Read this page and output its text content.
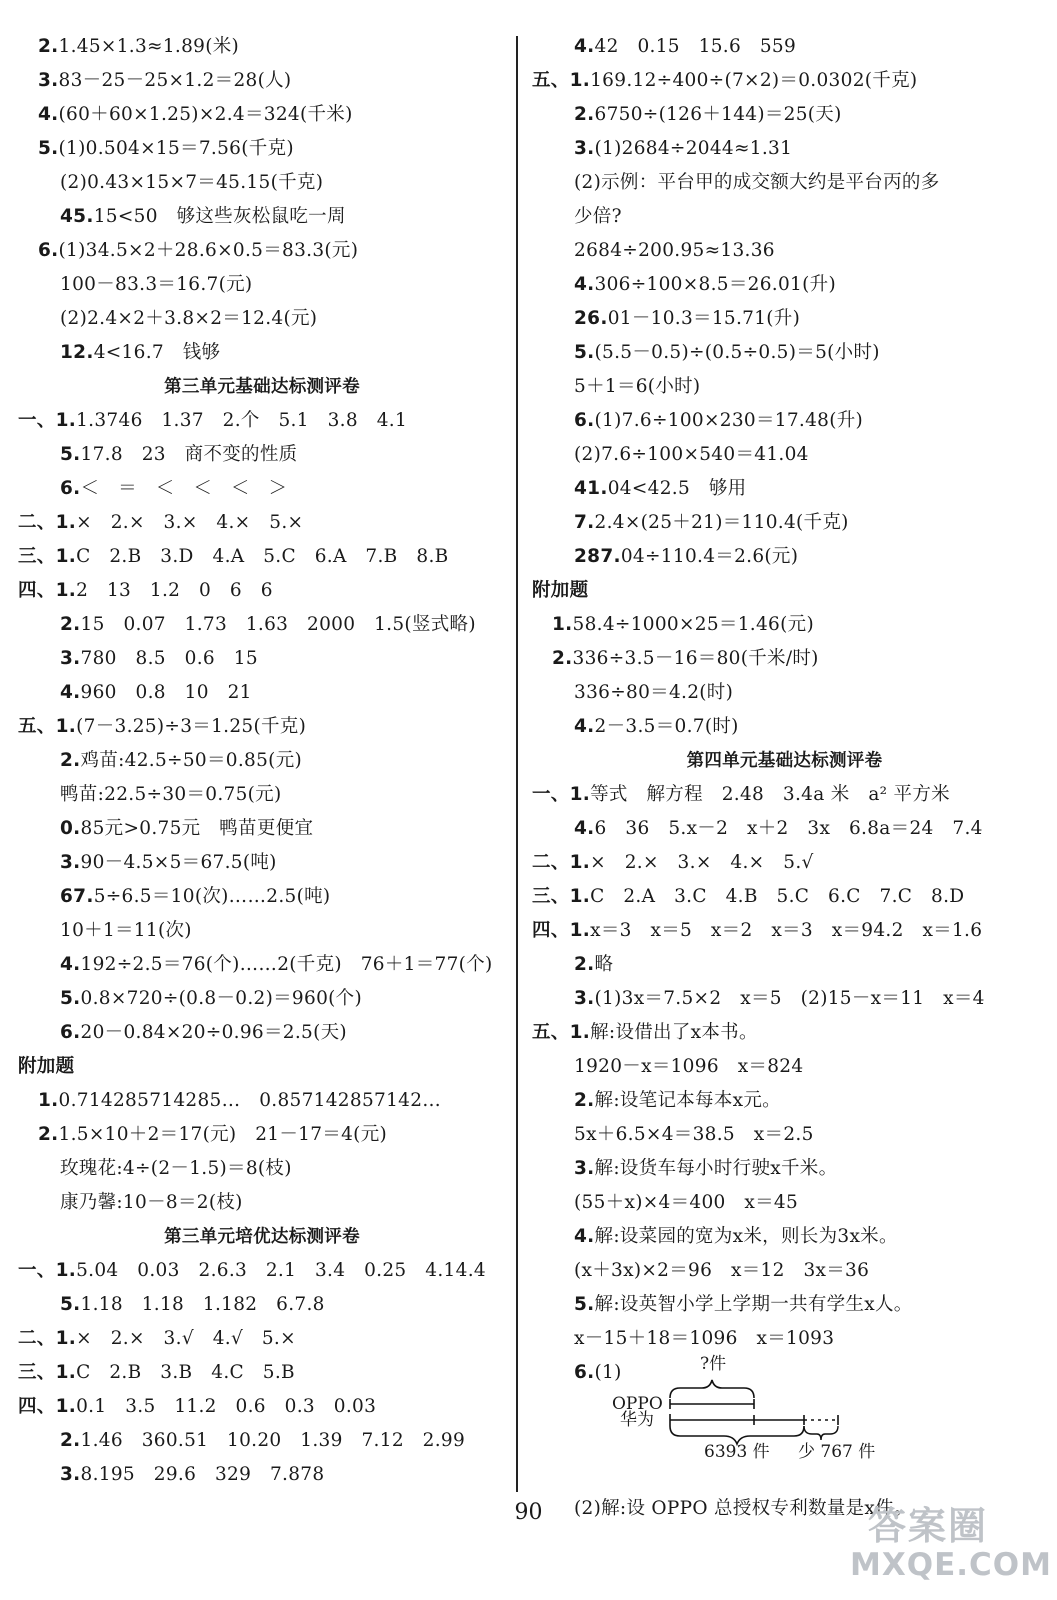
2.1.45×1.3≈1.89(米)
3.83－25－25×1.2＝28(人)
4.(60＋60×1.25)×2.4＝324(千米)
5.(1)0.504×15＝7.56(千克)
(2)0.43×15×7＝45.15(千克)
45.15<50　够这些灰松鼠吃一周
6.(1)34.5×2＋28.6×0.5＝83.3(元)
100－83.3＝16.7(元)
(2)2.4×2＋3.8×2＝12.4(元)
12.4<16.7　钱够
第三单元基础达标测评卷
一、1.1.3746　1.37　2.个　5.1　3.8　4.1
5.17.8　23　商不变的性质
6.＜　＝　＜　＜　＜　＞
二、1.×　2.×　3.×　4.×　5.×
三、1.C　2.B　3.D　4.A　5.C　6.A　7.B　8.B
四、1.2　13　1.2　0　6　6
2.15　0.07　1.73　1.63　2000　1.5(竖式略)
3.780　8.5　0.6　15
4.960　0.8　10　21
五、1.(7－3.25)÷3＝1.25(千克)
2.鸡苗:42.5÷50＝0.85(元)
鸭苗:22.5÷30＝0.75(元)
0.85元>0.75元　鸭苗更便宜
3.90－4.5×5＝67.5(吨)
67.5÷6.5＝10(次)……2.5(吨)
10＋1＝11(次)
4.192÷2.5＝76(个)……2(千克)　76＋1＝77(个)
5.0.8×720÷(0.8－0.2)＝960(个)
6.20－0.84×20÷0.96＝2.5(天)
附加题
1.0.714285714285…　0.857142857142…
2.1.5×10＋2＝17(元)　21－17＝4(元)
玫瑰花:4÷(2－1.5)＝8(枝)
康乃馨:10－8＝2(枝)
第三单元培优达标测评卷
一、1.5.04　0.03　2.6.3　2.1　3.4　0.25　4.14.4
5.1.18　1.18　1.182　6.7.8
二、1.×　2.×　3.√　4.√　5.×
三、1.C　2.B　3.B　4.C　5.B
四、1.0.1　3.5　11.2　0.6　0.3　0.03
2.1.46　360.51　10.20　1.39　7.12　2.99
3.8.195　29.6　329　7.878
4.42　0.15　15.6　559
五、1.169.12÷400÷(7×2)＝0.0302(千克)
2.6750÷(126＋144)＝25(天)
3.(1)2684÷2044≈1.31
(2)示例：平台甲的成交额大约是平台丙的多
少倍?
2684÷200.95≈13.36
4.306÷100×8.5＝26.01(升)
26.01－10.3＝15.71(升)
5.(5.5－0.5)÷(0.5÷0.5)＝5(小时)
5＋1＝6(小时)
6.(1)7.6÷100×230＝17.48(升)
(2)7.6÷100×540＝41.04
41.04<42.5　够用
7.2.4×(25＋21)＝110.4(千克)
287.04÷110.4＝2.6(元)
附加题
1.58.4÷1000×25＝1.46(元)
2.336÷3.5－16＝80(千米/时)
336÷80＝4.2(时)
4.2－3.5＝0.7(时)
第四单元基础达标测评卷
一、1.等式　解方程　2.48　3.4a 米　a² 平方米
4.6　36　5.x－2　x＋2　3x　6.8a＝24　7.4
二、1.×　2.×　3.×　4.×　5.√
三、1.C　2.A　3.C　4.B　5.C　6.C　7.C　8.D
四、1.x＝3　x＝5　x＝2　x＝3　x＝94.2　x＝1.6
2.略
3.(1)3x＝7.5×2　x＝5　(2)15－x＝11　x＝4
五、1.解:设借出了x本书。
1920－x＝1096　x＝824
2.解:设笔记本每本x元。
5x＋6.5×4＝38.5　x＝2.5
3.解:设货车每小时行驶x千米。
(55＋x)×4＝400　x＝45
4.解:设菜园的宽为x米，则长为3x米。
(x＋3x)×2＝96　x＝12　3x＝36
5.解:设英智小学上学期一共有学生x人。
x－15＋18＝1096　x＝1093
6.(1)
(2)解:设 OPPO 总授权专利数量是x件。
?件
OPPO
华为
6393 件 少 767 件
90	答案圈
MXQE.COM
